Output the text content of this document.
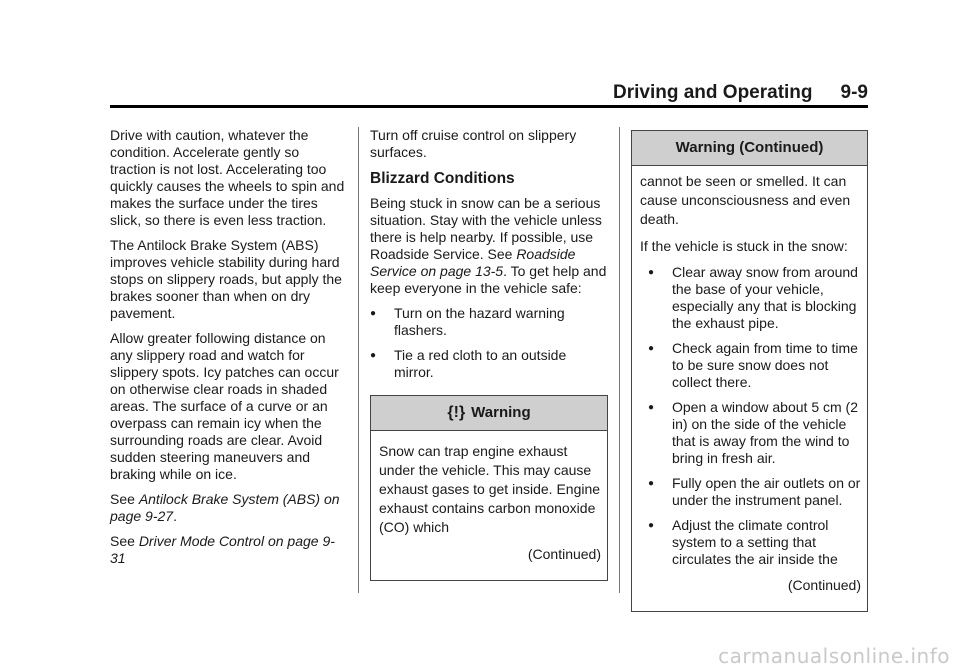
Driving and Operating 9-9

Drive with caution, whatever the condition. Accelerate gently so traction is not lost. Accelerating too quickly causes the wheels to spin and makes the surface under the tires slick, so there is even less traction.

The Antilock Brake System (ABS) improves vehicle stability during hard stops on slippery roads, but apply the brakes sooner than when on dry pavement.

Allow greater following distance on any slippery road and watch for slippery spots. Icy patches can occur on otherwise clear roads in shaded areas. The surface of a curve or an overpass can remain icy when the surrounding roads are clear. Avoid sudden steering maneuvers and braking while on ice.

See Antilock Brake System (ABS) on page 9-27.

See Driver Mode Control on page 9-31

Turn off cruise control on slippery surfaces.

Blizzard Conditions

Being stuck in snow can be a serious situation. Stay with the vehicle unless there is help nearby. If possible, use Roadside Service. See Roadside Service on page 13-5. To get help and keep everyone in the vehicle safe:

● Turn on the hazard warning flashers.
● Tie a red cloth to an outside mirror.
{!} Warning

Snow can trap engine exhaust under the vehicle. This may cause exhaust gases to get inside. Engine exhaust contains carbon monoxide (CO) which

(Continued)

Warning (Continued)

cannot be seen or smelled. It can cause unconsciousness and even death.

If the vehicle is stuck in the snow:

● Clear away snow from around the base of your vehicle, especially any that is blocking the exhaust pipe.
● Check again from time to time to be sure snow does not collect there.
● Open a window about 5 cm (2 in) on the side of the vehicle that is away from the wind to bring in fresh air.
● Fully open the air outlets on or under the instrument panel.
● Adjust the climate control system to a setting that circulates the air inside the

(Continued)

carmanualsonline.info
